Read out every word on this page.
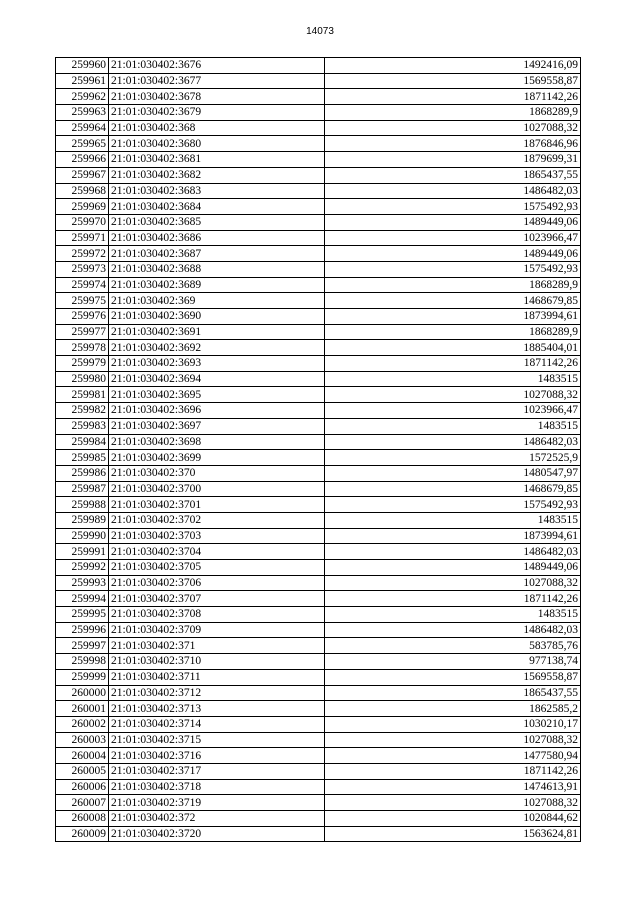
14073
259960	21:01:030402:3676	1492416,09
259961	21:01:030402:3677	1569558,87
259962	21:01:030402:3678	1871142,26
259963	21:01:030402:3679	1868289,9
259964	21:01:030402:368	1027088,32
259965	21:01:030402:3680	1876846,96
259966	21:01:030402:3681	1879699,31
259967	21:01:030402:3682	1865437,55
259968	21:01:030402:3683	1486482,03
259969	21:01:030402:3684	1575492,93
259970	21:01:030402:3685	1489449,06
259971	21:01:030402:3686	1023966,47
259972	21:01:030402:3687	1489449,06
259973	21:01:030402:3688	1575492,93
259974	21:01:030402:3689	1868289,9
259975	21:01:030402:369	1468679,85
259976	21:01:030402:3690	1873994,61
259977	21:01:030402:3691	1868289,9
259978	21:01:030402:3692	1885404,01
259979	21:01:030402:3693	1871142,26
259980	21:01:030402:3694	1483515
259981	21:01:030402:3695	1027088,32
259982	21:01:030402:3696	1023966,47
259983	21:01:030402:3697	1483515
259984	21:01:030402:3698	1486482,03
259985	21:01:030402:3699	1572525,9
259986	21:01:030402:370	1480547,97
259987	21:01:030402:3700	1468679,85
259988	21:01:030402:3701	1575492,93
259989	21:01:030402:3702	1483515
259990	21:01:030402:3703	1873994,61
259991	21:01:030402:3704	1486482,03
259992	21:01:030402:3705	1489449,06
259993	21:01:030402:3706	1027088,32
259994	21:01:030402:3707	1871142,26
259995	21:01:030402:3708	1483515
259996	21:01:030402:3709	1486482,03
259997	21:01:030402:371	583785,76
259998	21:01:030402:3710	977138,74
259999	21:01:030402:3711	1569558,87
260000	21:01:030402:3712	1865437,55
260001	21:01:030402:3713	1862585,2
260002	21:01:030402:3714	1030210,17
260003	21:01:030402:3715	1027088,32
260004	21:01:030402:3716	1477580,94
260005	21:01:030402:3717	1871142,26
260006	21:01:030402:3718	1474613,91
260007	21:01:030402:3719	1027088,32
260008	21:01:030402:372	1020844,62
260009	21:01:030402:3720	1563624,81
